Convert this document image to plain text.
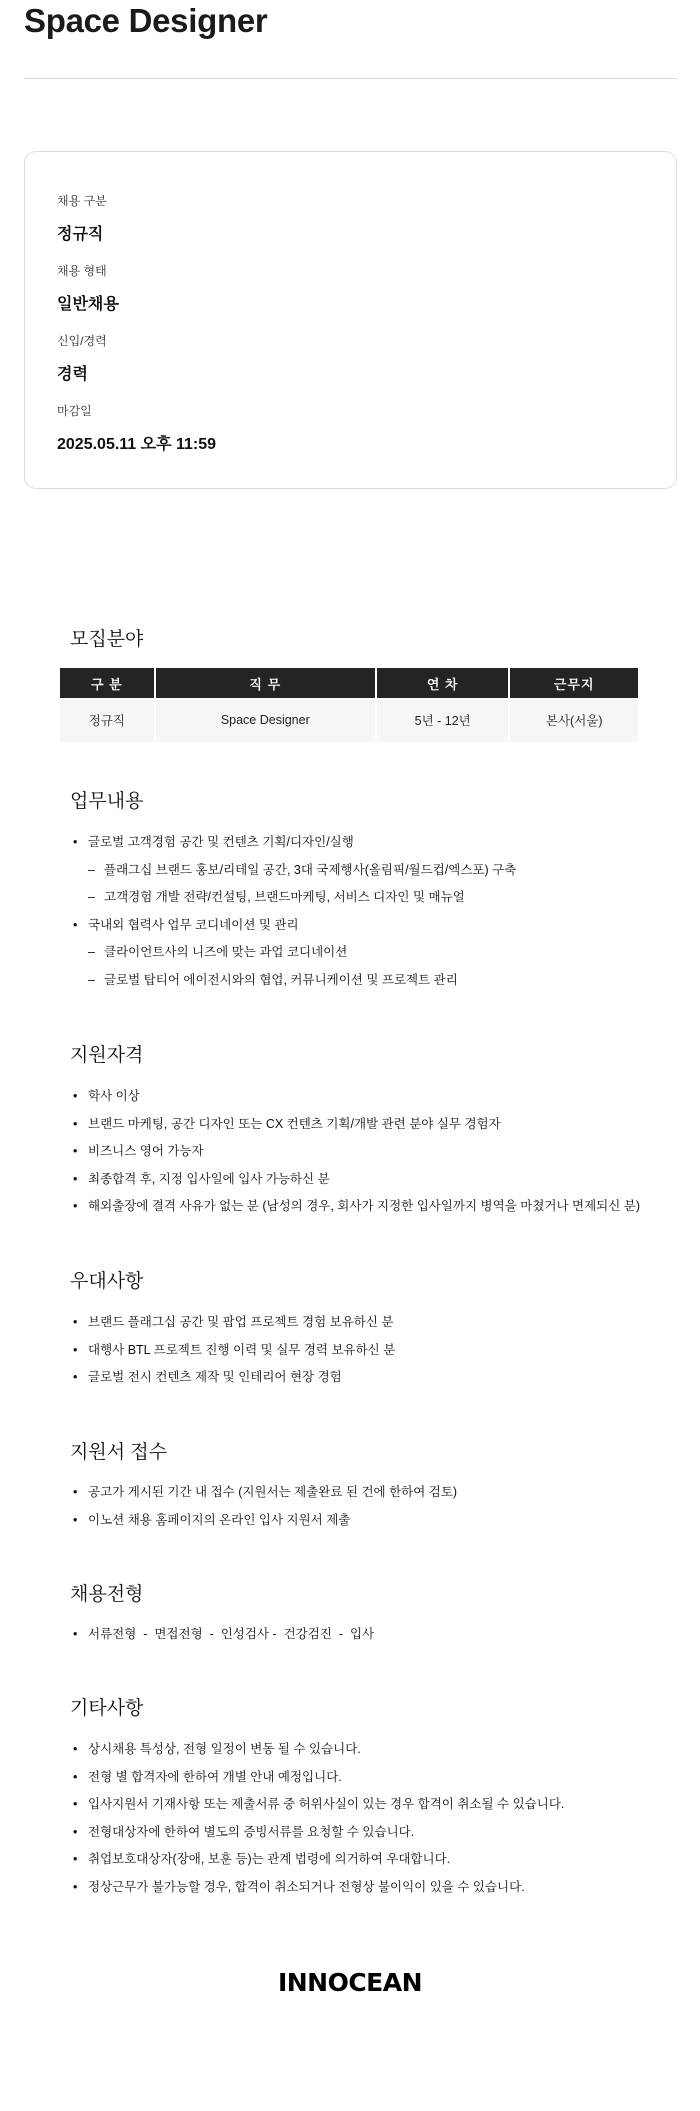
Space Designer
채용 구분
정규직
채용 형태
일반채용
신입/경력
경력
마감일
2025.05.11 오후 11:59
모집분야
구 분	직 무	연 차	근무지
정규직	Space Designer	5년 - 12년	본사(서울)
업무내용
• 글로벌 고객경험 공간 및 컨텐츠 기획/디자인/실행
– 플래그십 브랜드 홍보/리테일 공간, 3대 국제행사(올림픽/월드컵/엑스포) 구축
– 고객경험 개발 전략/컨설팅, 브랜드마케팅, 서비스 디자인 및 매뉴얼
• 국내외 협력사 업무 코디네이션 및 관리
– 클라이언트사의 니즈에 맞는 과업 코디네이션
– 글로벌 탑티어 에이전시와의 협업, 커뮤니케이션 및 프로젝트 관리
지원자격
• 학사 이상
• 브랜드 마케팅, 공간 디자인 또는 CX 컨텐츠 기획/개발 관련 분야 실무 경험자
• 비즈니스 영어 가능자
• 최종합격 후, 지정 입사일에 입사 가능하신 분
• 해외출장에 결격 사유가 없는 분 (남성의 경우, 회사가 지정한 입사일까지 병역을 마쳤거나 면제되신 분)
우대사항
• 브랜드 플래그십 공간 및 팝업 프로젝트 경험 보유하신 분
• 대행사 BTL 프로젝트 진행 이력 및 실무 경력 보유하신 분
• 글로벌 전시 컨텐츠 제작 및 인테리어 현장 경험
지원서 접수
• 공고가 게시된 기간 내 접수 (지원서는 제출완료 된 건에 한하여 검토)
• 이노션 채용 홈페이지의 온라인 입사 지원서 제출
채용전형
• 서류전형  -  면접전형  -  인성검사 -  건강검진  -  입사
기타사항
• 상시채용 특성상, 전형 일정이 변동 될 수 있습니다.
• 전형 별 합격자에 한하여 개별 안내 예정입니다.
• 입사지원서 기재사항 또는 제출서류 중 허위사실이 있는 경우 합격이 취소될 수 있습니다.
• 전형대상자에 한하여 별도의 증빙서류를 요청할 수 있습니다.
• 취업보호대상자(장애, 보훈 등)는 관계 법령에 의거하여 우대합니다.
• 정상근무가 불가능할 경우, 합격이 취소되거나 전형상 불이익이 있을 수 있습니다.
INNOCEAN
